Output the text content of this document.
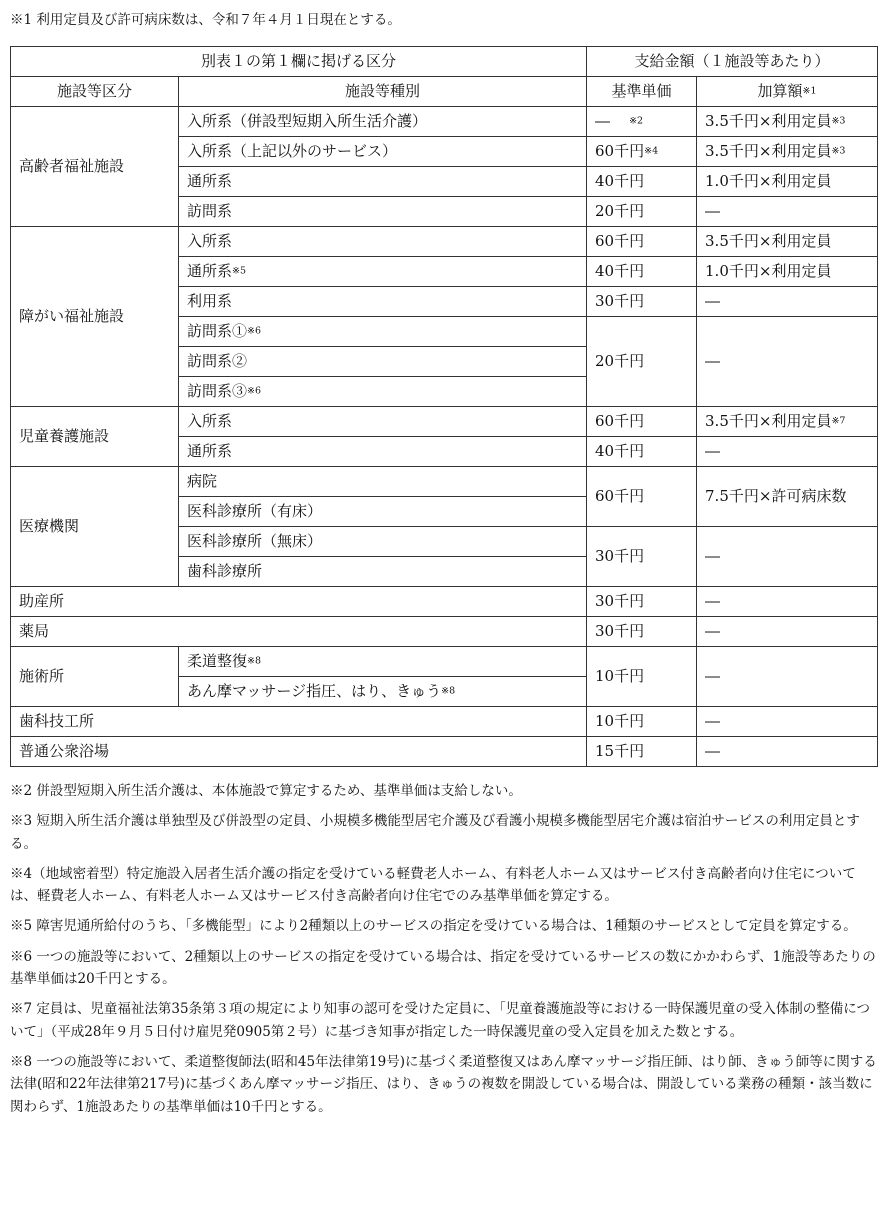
※1 利用定員及び許可病床数は、令和７年４月１日現在とする。
別表１の第１欄に掲げる区分		支給金額（１施設等あたり）	
施設等区分	施設等種別	基準単価	加算額※1
高齢者福祉施設	入所系（併設型短期入所生活介護）	― ※2	3.5千円×利用定員※3
	入所系（上記以外のサービス）	60千円※4	3.5千円×利用定員※3
	通所系	40千円	1.0千円×利用定員
	訪問系	20千円	―
障がい福祉施設	入所系	60千円	3.5千円×利用定員
	通所系※5	40千円	1.0千円×利用定員
	利用系	30千円	―
	訪問系①※6	20千円	―
	訪問系②		
	訪問系③※6		
児童養護施設	入所系	60千円	3.5千円×利用定員※7
	通所系	40千円	―
医療機関	病院	60千円	7.5千円×許可病床数
	医科診療所（有床）		
	医科診療所（無床）	30千円	―
	歯科診療所		
助産所		30千円	―
薬局		30千円	―
施術所	柔道整復※8	10千円	―
	あん摩マッサージ指圧、はり、きゅう※8		
歯科技工所		10千円	―
普通公衆浴場		15千円	―

※2 併設型短期入所生活介護は、本体施設で算定するため、基準単価は支給しない。

※3 短期入所生活介護は単独型及び併設型の定員、小規模多機能型居宅介護及び看護小規模多機能型居宅介護は宿泊サービスの利用定員とする。

※4（地域密着型）特定施設入居者生活介護の指定を受けている軽費老人ホーム、有料老人ホーム又はサービス付き高齢者向け住宅については、軽費老人ホーム、有料老人ホーム又はサービス付き高齢者向け住宅でのみ基準単価を算定する。

※5 障害児通所給付のうち、「多機能型」により2種類以上のサービスの指定を受けている場合は、1種類のサービスとして定員を算定する。

※6 一つの施設等において、2種類以上のサービスの指定を受けている場合は、指定を受けているサービスの数にかかわらず、1施設等あたりの基準単価は20千円とする。

※7 定員は、児童福祉法第35条第３項の規定により知事の認可を受けた定員に、「児童養護施設等における一時保護児童の受入体制の整備について」（平成28年９月５日付け雇児発0905第２号）に基づき知事が指定した一時保護児童の受入定員を加えた数とする。

※8 一つの施設等において、柔道整復師法(昭和45年法律第19号)に基づく柔道整復又はあん摩マッサージ指圧師、はり師、きゅう師等に関する法律(昭和22年法律第217号)に基づくあん摩マッサージ指圧、はり、きゅうの複数を開設している場合は、開設している業務の種類・該当数に関わらず、1施設あたりの基準単価は10千円とする。
